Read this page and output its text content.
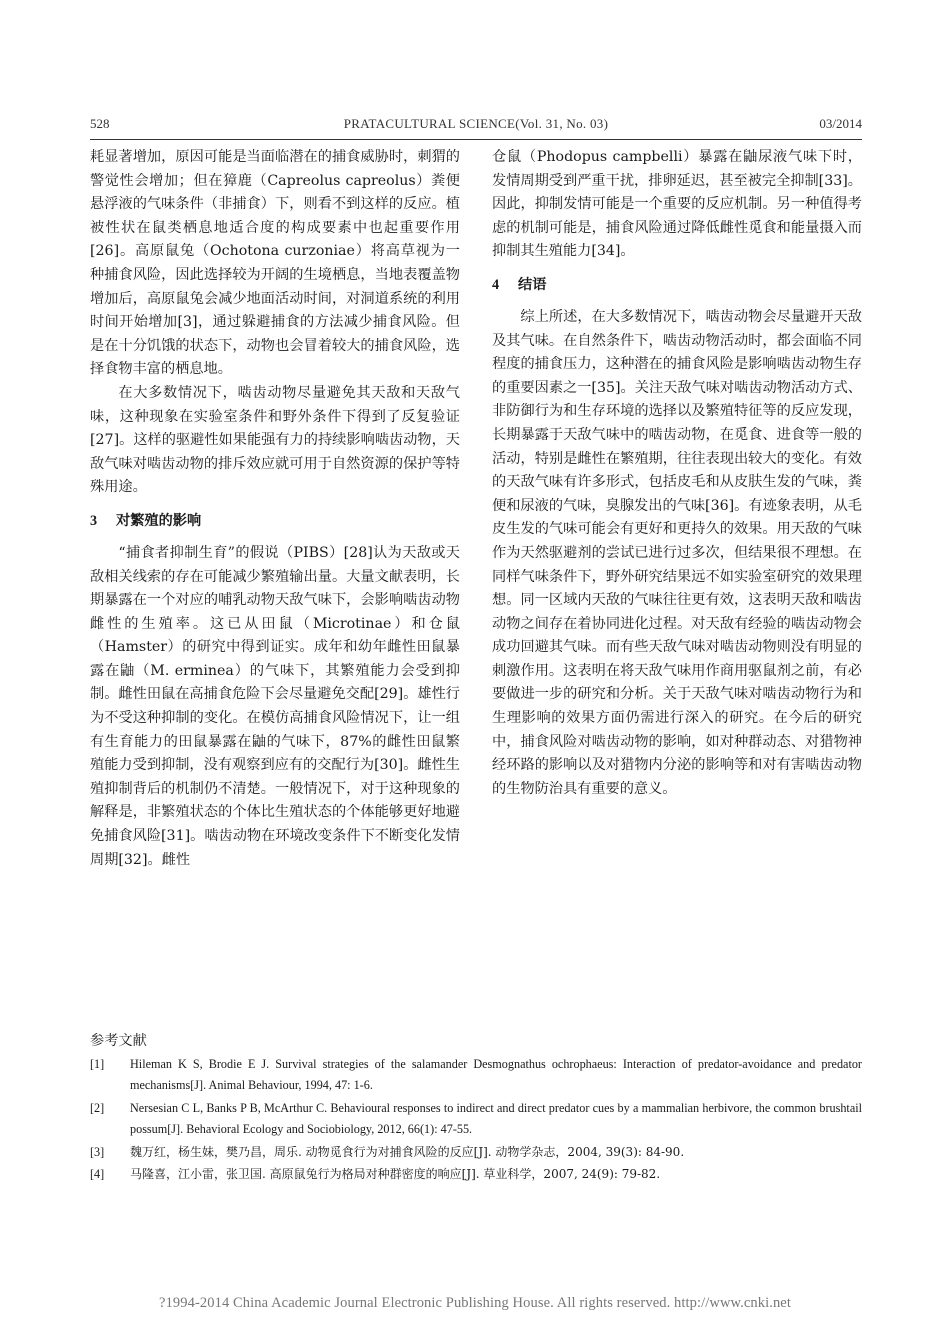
528	PRATACULTURAL SCIENCE(Vol. 31, No. 03)	03/2014

耗显著增加，原因可能是当面临潜在的捕食威胁时，刺猬的警觉性会增加；但在獐鹿（Capreolus capreolus）粪便悬浮液的气味条件（非捕食）下，则看不到这样的反应。植被性状在鼠类栖息地适合度的构成要素中也起重要作用[26]。高原鼠兔（Ochotona curzoniae）将高草视为一种捕食风险，因此选择较为开阔的生境栖息，当地表覆盖物增加后，高原鼠兔会减少地面活动时间，对洞道系统的利用时间开始增加[3]，通过躲避捕食的方法减少捕食风险。但是在十分饥饿的状态下，动物也会冒着较大的捕食风险，选择食物丰富的栖息地。

在大多数情况下，啮齿动物尽量避免其天敌和天敌气味，这种现象在实验室条件和野外条件下得到了反复验证[27]。这样的驱避性如果能强有力的持续影响啮齿动物，天敌气味对啮齿动物的排斥效应就可用于自然资源的保护等特殊用途。

3 对繁殖的影响

“捕食者抑制生育”的假说（PIBS）[28]认为天敌或天敌相关线索的存在可能减少繁殖输出量。大量文献表明，长期暴露在一个对应的哺乳动物天敌气味下，会影响啮齿动物雌性的生殖率。这已从田鼠（Microtinae）和仓鼠（Hamster）的研究中得到证实。成年和幼年雌性田鼠暴露在鼬（M. erminea）的气味下，其繁殖能力会受到抑制。雌性田鼠在高捕食危险下会尽量避免交配[29]。雄性行为不受这种抑制的变化。在模仿高捕食风险情况下，让一组有生育能力的田鼠暴露在鼬的气味下，87%的雌性田鼠繁殖能力受到抑制，没有观察到应有的交配行为[30]。雌性生殖抑制背后的机制仍不清楚。一般情况下，对于这种现象的解释是，非繁殖状态的个体比生殖状态的个体能够更好地避免捕食风险[31]。啮齿动物在环境改变条件下不断变化发情周期[32]。雌性

仓鼠（Phodopus campbelli）暴露在鼬尿液气味下时，发情周期受到严重干扰，排卵延迟，甚至被完全抑制[33]。因此，抑制发情可能是一个重要的反应机制。另一种值得考虑的机制可能是，捕食风险通过降低雌性觅食和能量摄入而抑制其生殖能力[34]。

4 结语

综上所述，在大多数情况下，啮齿动物会尽量避开天敌及其气味。在自然条件下，啮齿动物活动时，都会面临不同程度的捕食压力，这种潜在的捕食风险是影响啮齿动物生存的重要因素之一[35]。关注天敌气味对啮齿动物活动方式、非防御行为和生存环境的选择以及繁殖特征等的反应发现，长期暴露于天敌气味中的啮齿动物，在觅食、进食等一般的活动，特别是雌性在繁殖期，往往表现出较大的变化。有效的天敌气味有许多形式，包括皮毛和从皮肤生发的气味，粪便和尿液的气味，臭腺发出的气味[36]。有迹象表明，从毛皮生发的气味可能会有更好和更持久的效果。用天敌的气味作为天然驱避剂的尝试已进行过多次，但结果很不理想。在同样气味条件下，野外研究结果远不如实验室研究的效果理想。同一区域内天敌的气味往往更有效，这表明天敌和啮齿动物之间存在着协同进化过程。对天敌有经验的啮齿动物会成功回避其气味。而有些天敌气味对啮齿动物则没有明显的刺激作用。这表明在将天敌气味用作商用驱鼠剂之前，有必要做进一步的研究和分析。关于天敌气味对啮齿动物行为和生理影响的效果方面仍需进行深入的研究。在今后的研究中，捕食风险对啮齿动物的影响，如对种群动态、对猎物神经环路的影响以及对猎物内分泌的影响等和对有害啮齿动物的生物防治具有重要的意义。

参考文献
[1] Hileman K S, Brodie E J. Survival strategies of the salamander Desmognathus ochrophaeus: Interaction of predator-avoidance and predator mechanisms[J]. Animal Behaviour, 1994, 47: 1-6.
[2] Nersesian C L, Banks P B, McArthur C. Behavioural responses to indirect and direct predator cues by a mammalian herbivore, the common brushtail possum[J]. Behavioral Ecology and Sociobiology, 2012, 66(1): 47-55.
[3] 魏万红，杨生妹，樊乃昌，周乐. 动物觅食行为对捕食风险的反应[J]. 动物学杂志，2004, 39(3): 84-90.
[4] 马隆喜，江小雷，张卫国. 高原鼠兔行为格局对种群密度的响应[J]. 草业科学，2007, 24(9): 79-82.
?1994-2014 China Academic Journal Electronic Publishing House. All rights reserved. http://www.cnki.net
